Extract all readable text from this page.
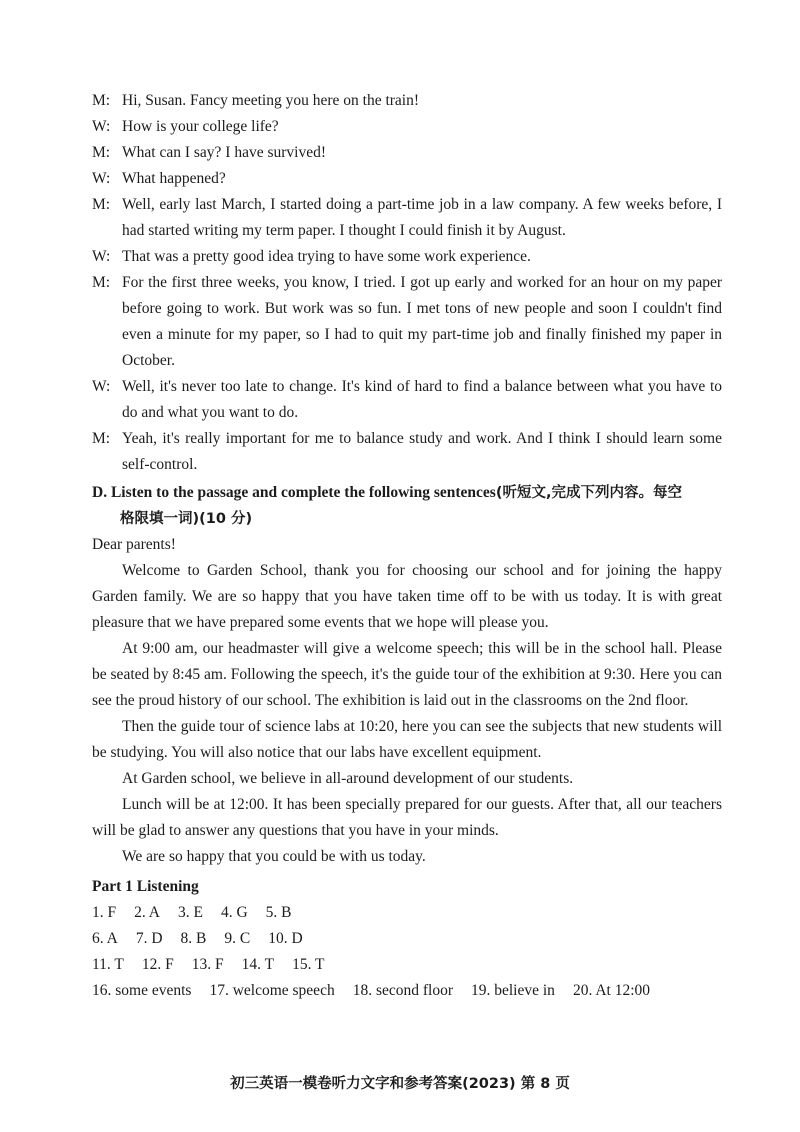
M: Hi, Susan. Fancy meeting you here on the train!
W: How is your college life?
M: What can I say? I have survived!
W: What happened?
M: Well, early last March, I started doing a part-time job in a law company. A few weeks before, I had started writing my term paper. I thought I could finish it by August.
W: That was a pretty good idea trying to have some work experience.
M: For the first three weeks, you know, I tried. I got up early and worked for an hour on my paper before going to work. But work was so fun. I met tons of new people and soon I couldn't find even a minute for my paper, so I had to quit my part-time job and finally finished my paper in October.
W: Well, it's never too late to change. It's kind of hard to find a balance between what you have to do and what you want to do.
M: Yeah, it's really important for me to balance study and work. And I think I should learn some self-control.
D. Listen to the passage and complete the following sentences(听短文,完成下列内容。每空
格限填一词)(10 分)
Dear parents!
Welcome to Garden School, thank you for choosing our school and for joining the happy Garden family. We are so happy that you have taken time off to be with us today. It is with great pleasure that we have prepared some events that we hope will please you.
At 9:00 am, our headmaster will give a welcome speech; this will be in the school hall. Please be seated by 8:45 am. Following the speech, it's the guide tour of the exhibition at 9:30. Here you can see the proud history of our school. The exhibition is laid out in the classrooms on the 2nd floor.
Then the guide tour of science labs at 10:20, here you can see the subjects that new students will be studying. You will also notice that our labs have excellent equipment.
At Garden school, we believe in all-around development of our students.
Lunch will be at 12:00. It has been specially prepared for our guests. After that, all our teachers will be glad to answer any questions that you have in your minds.
We are so happy that you could be with us today.
Part 1 Listening
1. F 2. A 3. E 4. G 5. B
6. A 7. D 8. B 9. C 10. D
11. T 12. F 13. F 14. T 15. T
16. some events 17. welcome speech 18. second floor 19. believe in 20. At 12:00
初三英语一模卷听力文字和参考答案(2023) 第 8 页
